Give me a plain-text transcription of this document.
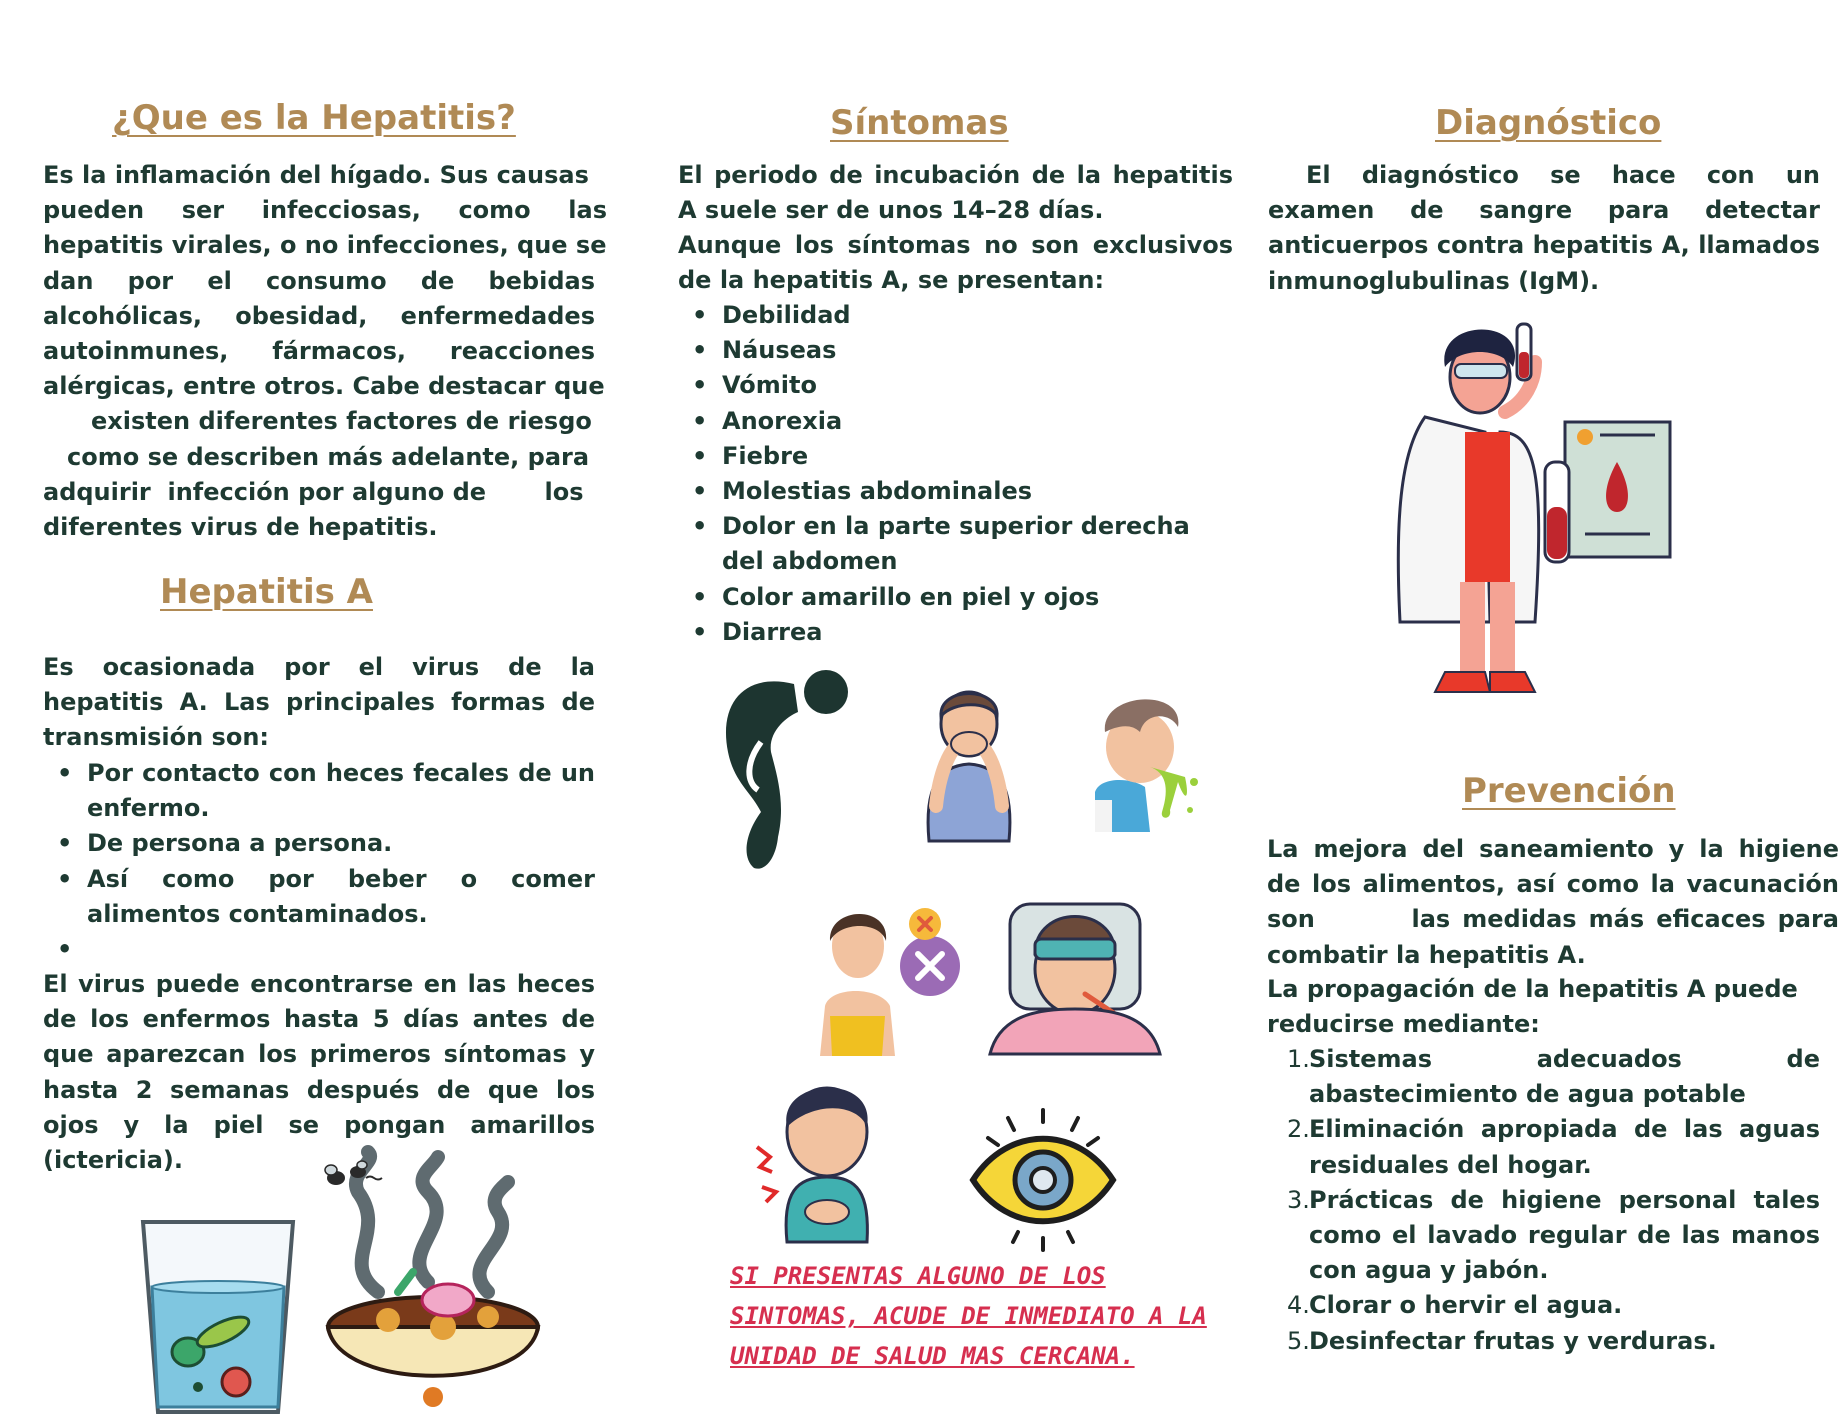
¿Que es la Hepatitis?
Es la inflamación del hígado. Sus causas
pueden ser infecciosas, como las
hepatitis virales, o no infecciones, que se
dan por el consumo de bebidas
alcohólicas, obesidad, enfermedades
autoinmunes, fármacos, reacciones
alérgicas, entre otros. Cabe destacar que
existen diferentes factores de riesgo
como se describen más adelante, para
adquirir  infección por alguno de       los
diferentes virus de hepatitis.
Hepatitis A

Es ocasionada por el virus de la hepatitis A. Las principales formas de transmisión son:

• Por contacto con heces fecales de un enfermo.
• De persona a persona.
• Así como por beber o comer alimentos contaminados.
•

El virus puede encontrarse en las heces de los enfermos hasta 5 días antes de que aparezcan los primeros síntomas y hasta 2 semanas después de que los ojos y la piel se pongan amarillos (ictericia).

Síntomas

El periodo de incubación de la hepatitis A suele ser de unos 14–28 días.

Aunque los síntomas no son exclusivos de la hepatitis A, se presentan:

• Debilidad
• Náuseas
• Vómito
• Anorexia
• Fiebre
• Molestias abdominales
• Dolor en la parte superior derecha del abdomen
• Color amarillo en piel y ojos
• Diarrea
SI PRESENTAS ALGUNO DE LOS
SINTOMAS, ACUDE DE INMEDIATO A LA
UNIDAD DE SALUD MAS CERCANA.
Diagnóstico

El diagnóstico se hace con un examen de sangre para detectar anticuerpos contra hepatitis A, llamados inmunoglubulinas (IgM).

Prevención

La mejora del saneamiento y la higiene de los alimentos, así como la vacunación son        las medidas más eficaces para combatir la hepatitis A.

La propagación de la hepatitis A puede reducirse mediante:

1. Sistemas adecuados de abastecimiento de agua potable
2. Eliminación apropiada de las aguas residuales del hogar.
3. Prácticas de higiene personal tales como el lavado regular de las manos con agua y jabón.
4. Clorar o hervir el agua.
5. Desinfectar frutas y verduras.
